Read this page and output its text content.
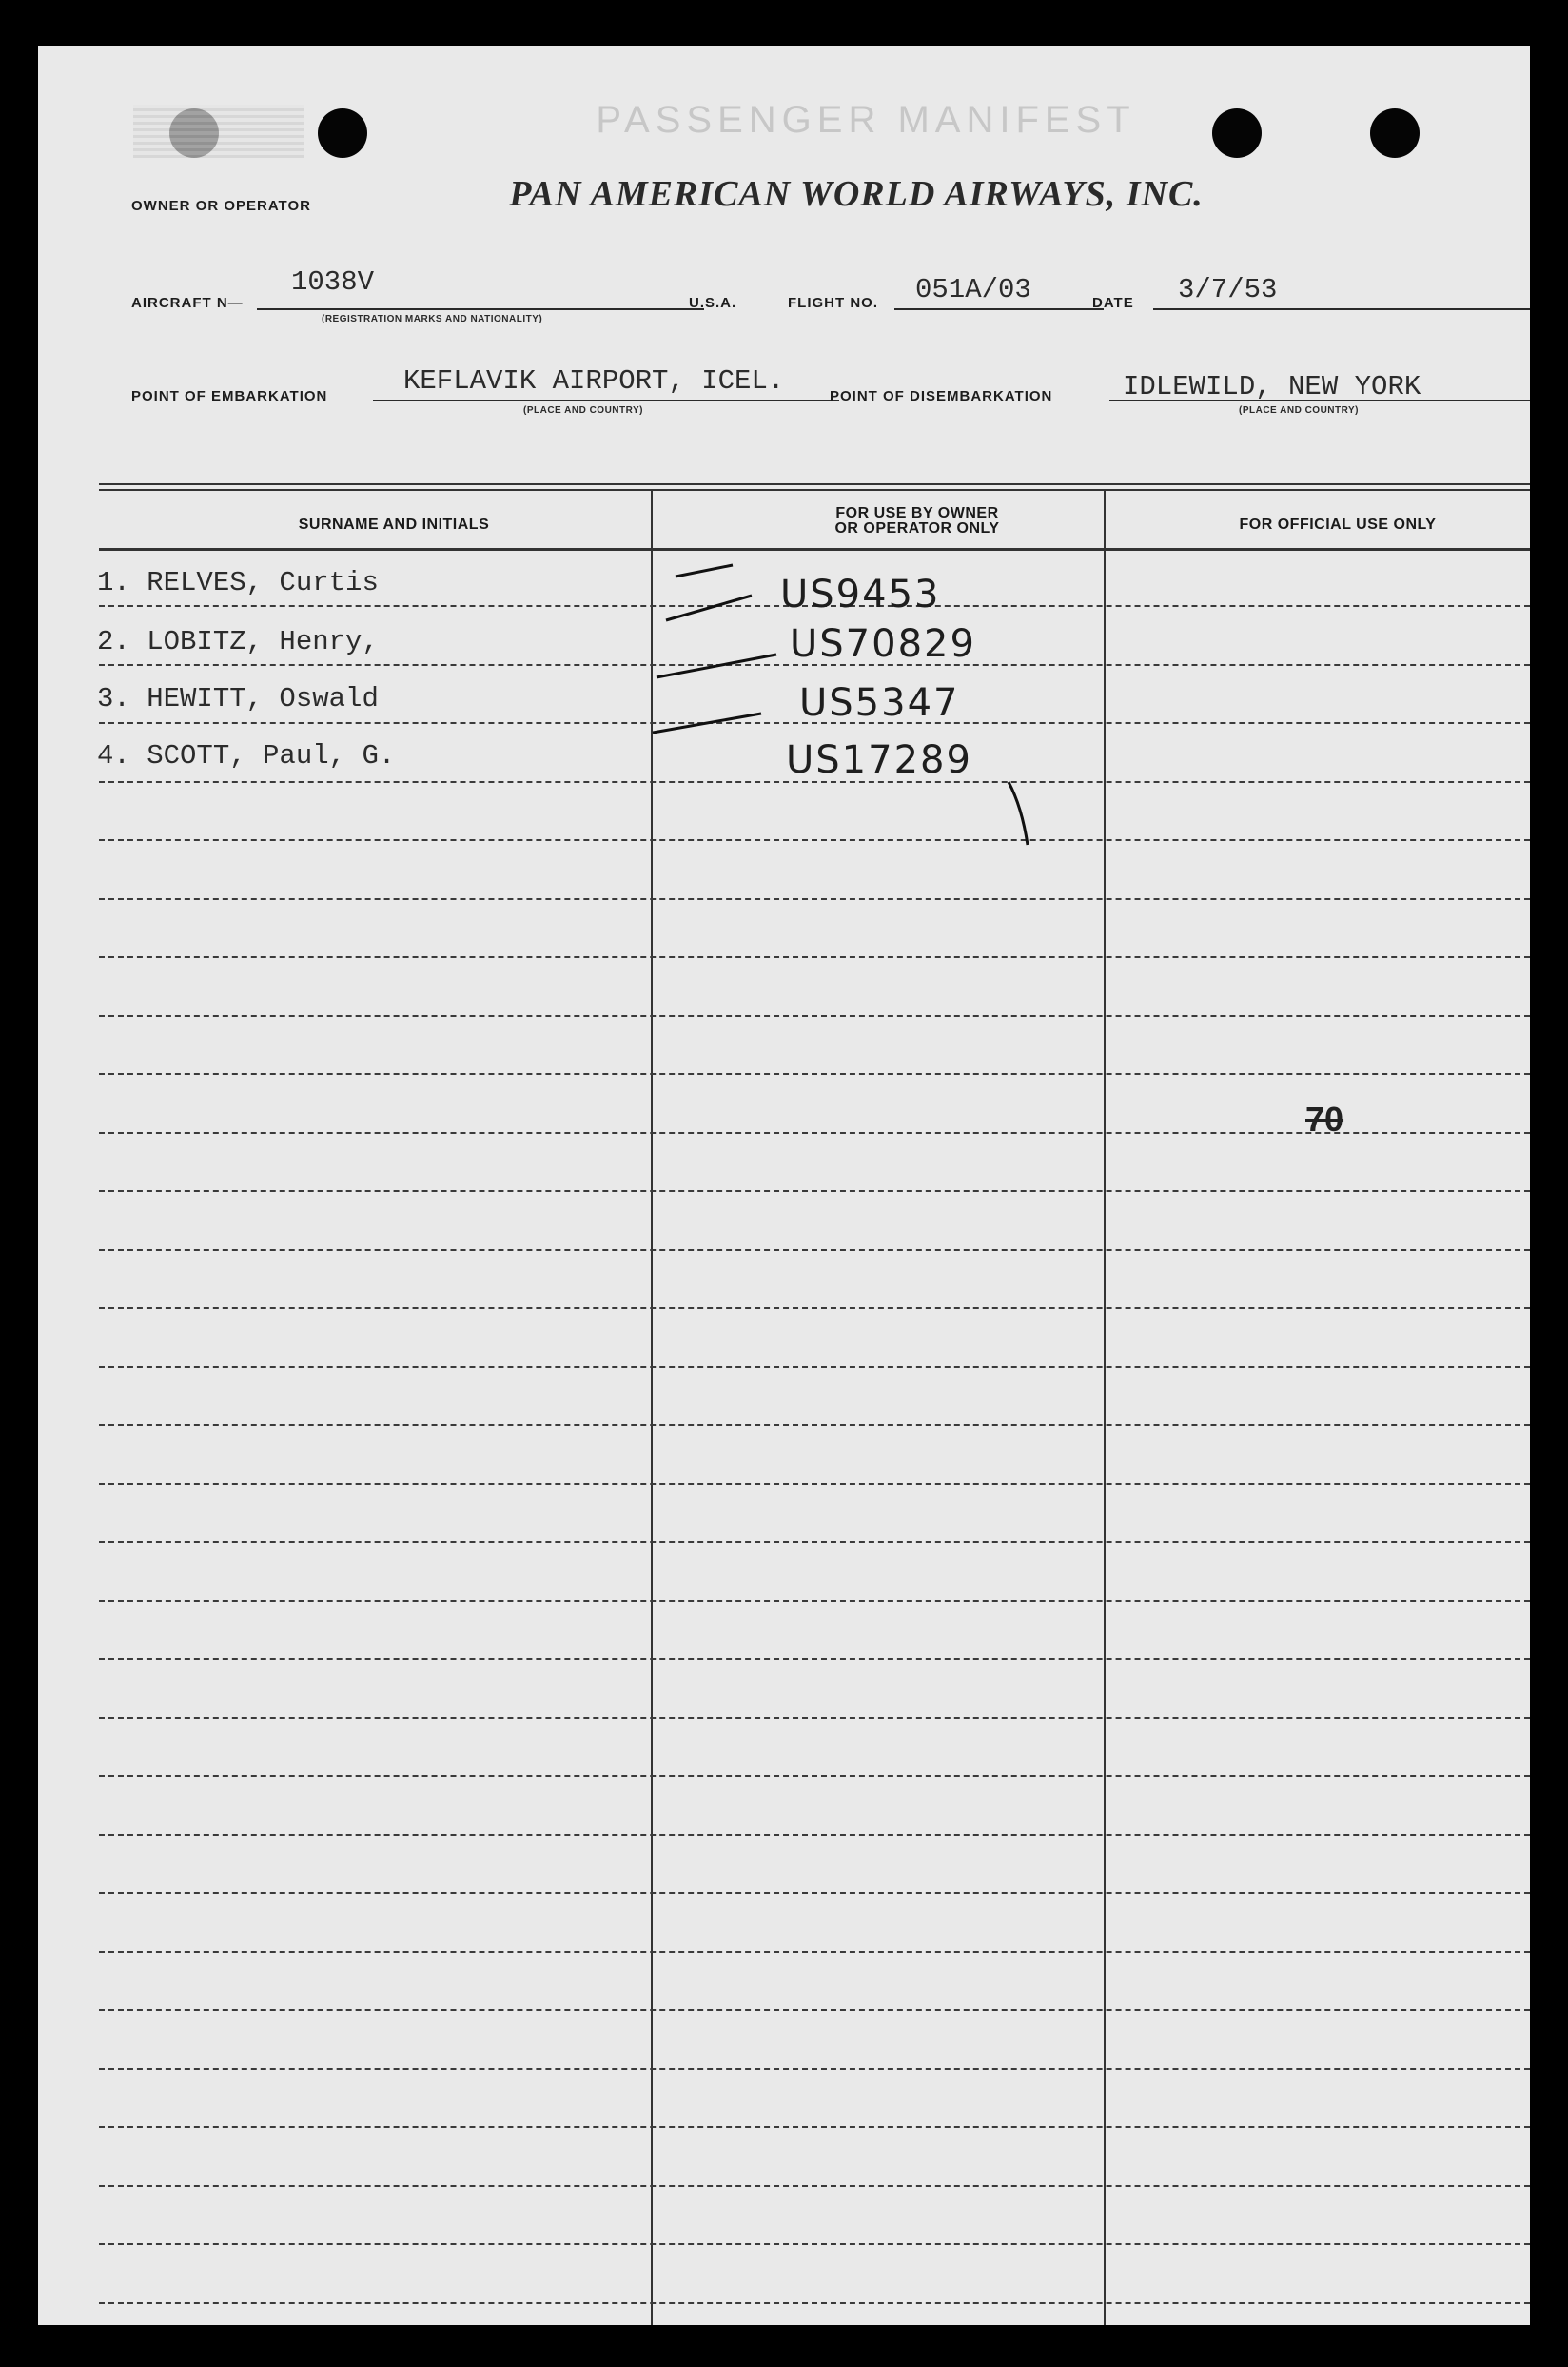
PASSENGER MANIFEST
PAN AMERICAN WORLD AIRWAYS, INC.
OWNER OR OPERATOR
AIRCRAFT N—
1038V
(REGISTRATION MARKS AND NATIONALITY)
U.S.A.	FLIGHT NO. 051A/03	DATE 3/7/53
POINT OF EMBARKATION	KEFLAVIK AIRPORT, ICEL.
(PLACE AND COUNTRY)
POINT OF DISEMBARKATION	IDLEWILD, NEW YORK
(PLACE AND COUNTRY)
SURNAME AND INITIALS
FOR USE BY OWNER
OR OPERATOR ONLY	FOR OFFICIAL USE ONLY
1. RELVES, Curtis	US9453
2. LOBITZ, Henry,	US70829
3. HEWITT, Oswald	US5347
4. SCOTT, Paul, G.	US17289
70
